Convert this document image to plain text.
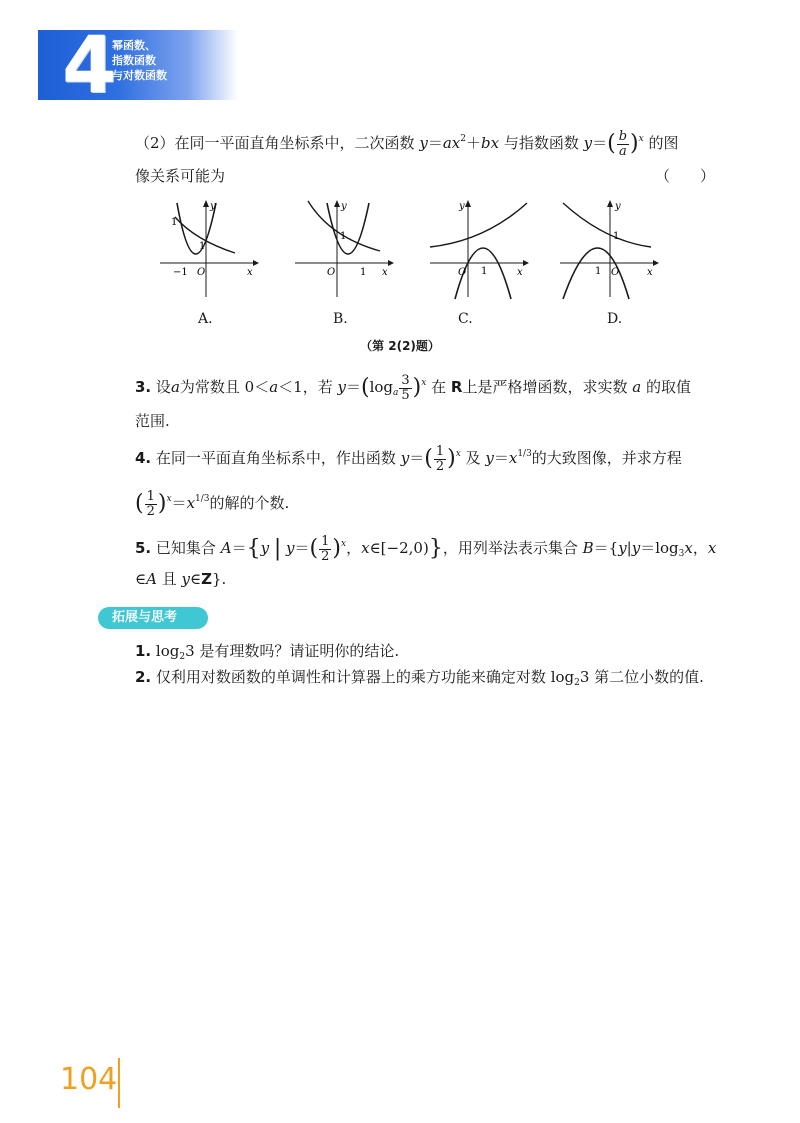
4
幂函数、
指数函数
与对数函数
（2）在同一平面直角坐标系中，二次函数 $y=ax^2+bx$ 与指数函数 $y=( \frac{b}{a} )^x$ 的图
像关系可能为	（　　）
y
x
O
−1
1
1
y
x
O 1
1
y
x
O 1
y
x
O
1
1
A.	B.	C.	D.
（第 2(2)题）
3. 设a为常数且 0＜a＜1，若 $y=(\log_a \frac{3}{5} )^x$ 在 R上是严格增函数，求实数 a 的取值
范围.
4. 在同一平面直角坐标系中，作出函数 $y=( \frac{1}{2} )^x$ 及 $y=x^{1/3}$的大致图像，并求方程
( $\frac{1}{2} )^x=x^{1/3}$的解的个数.
5. 已知集合 A＝{y | $y=( \frac{1}{2} )^x$，x∈[−2,0)}，用列举法表示集合 $B=\{y|y=\log_3x$，x
∈A 且 y∈Z}.
拓展与思考
1. $\log_23$ 是有理数吗？请证明你的结论.
2. 仅利用对数函数的单调性和计算器上的乘方功能来确定对数 $\log_23$ 第二位小数的值.
104
